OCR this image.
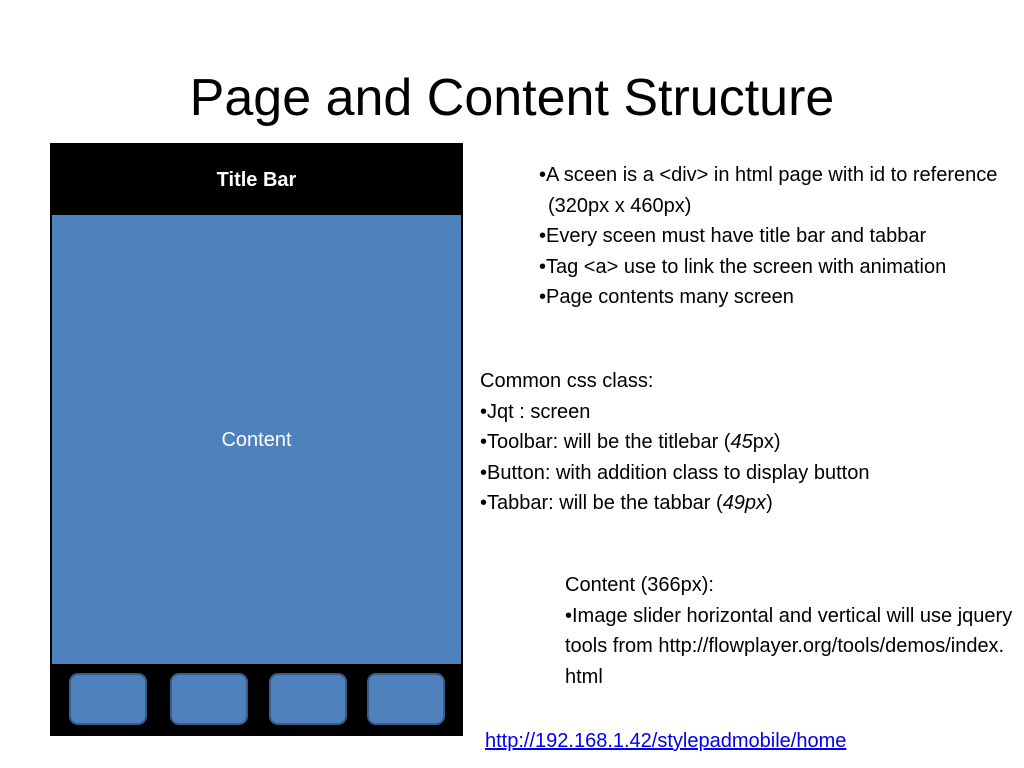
Page and Content Structure
Title Bar
Content
•A sceen is a <div> in html page with id to reference (320px x 460px)
•Every sceen must have title bar and tabbar
•Tag <a> use to link the screen with animation
•Page contents many screen
Common css class:
•Jqt : screen
•Toolbar: will be the titlebar (45px)
•Button: with addition class to display button
•Tabbar: will be the tabbar (49px)
Content (366px):
•Image slider horizontal and vertical will use jquery tools from http://flowplayer.org/tools/demos/index.html
http://192.168.1.42/stylepadmobile/home
